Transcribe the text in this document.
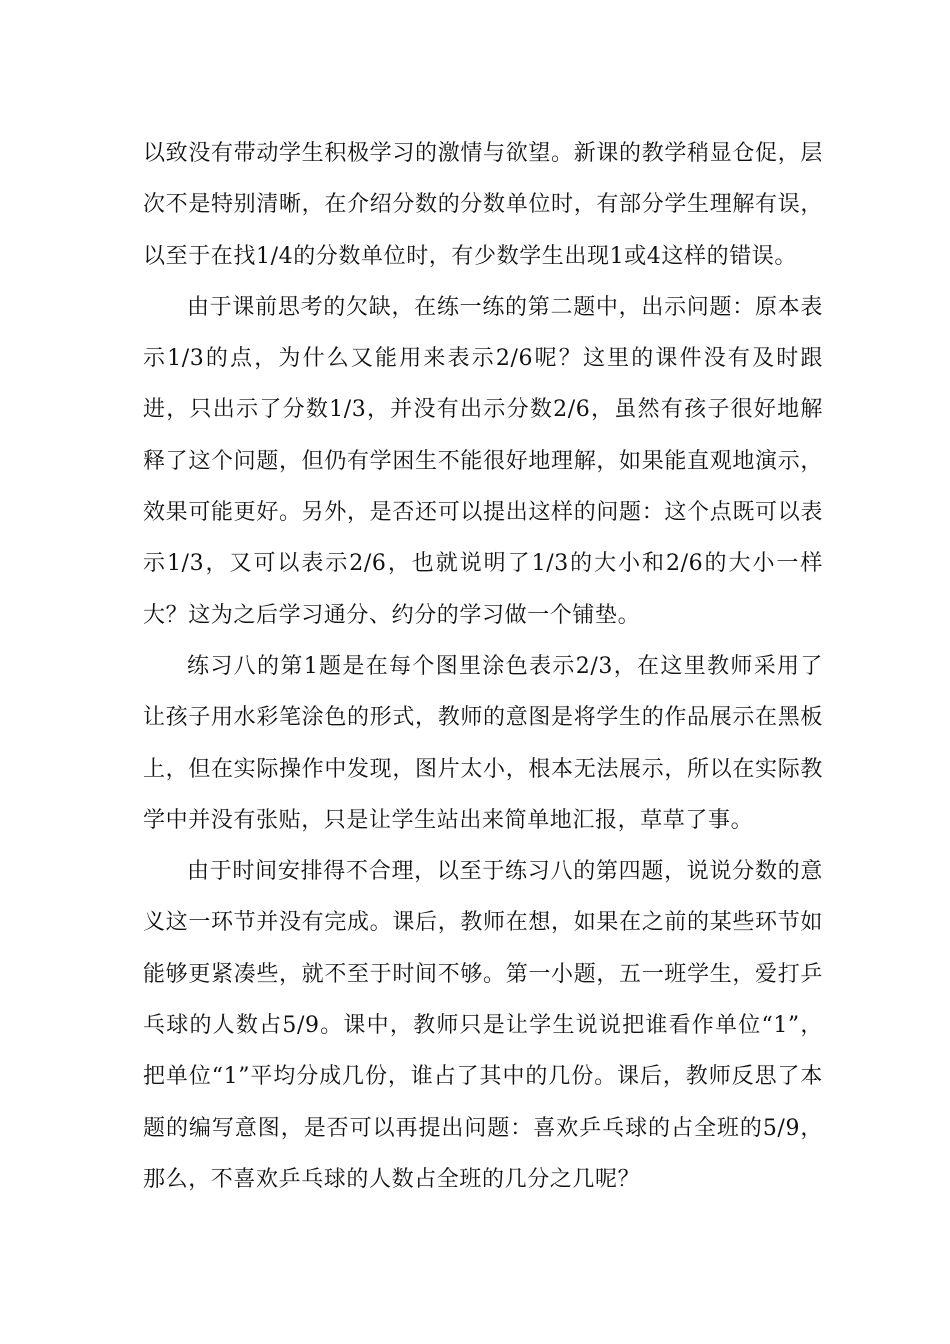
以致没有带动学生积极学习的激情与欲望。新课的教学稍显仓促，层次不是特别清晰，在介绍分数的分数单位时，有部分学生理解有误，以至于在找1/4的分数单位时，有少数学生出现1或4这样的错误。

由于课前思考的欠缺，在练一练的第二题中，出示问题：原本表示1/3的点，为什么又能用来表示2/6呢？这里的课件没有及时跟进，只出示了分数1/3，并没有出示分数2/6，虽然有孩子很好地解释了这个问题，但仍有学困生不能很好地理解，如果能直观地演示，效果可能更好。另外，是否还可以提出这样的问题：这个点既可以表示1/3，又可以表示2/6，也就说明了1/3的大小和2/6的大小一样大？这为之后学习通分、约分的学习做一个铺垫。

练习八的第1题是在每个图里涂色表示2/3，在这里教师采用了让孩子用水彩笔涂色的形式，教师的意图是将学生的作品展示在黑板上，但在实际操作中发现，图片太小，根本无法展示，所以在实际教学中并没有张贴，只是让学生站出来简单地汇报，草草了事。

由于时间安排得不合理，以至于练习八的第四题，说说分数的意义这一环节并没有完成。课后，教师在想，如果在之前的某些环节如能够更紧凑些，就不至于时间不够。第一小题，五一班学生，爱打乒乓球的人数占5/9。课中，教师只是让学生说说把谁看作单位“1”，把单位“1”平均分成几份，谁占了其中的几份。课后，教师反思了本题的编写意图，是否可以再提出问题：喜欢乒乓球的占全班的5/9，那么，不喜欢乒乓球的人数占全班的几分之几呢？
